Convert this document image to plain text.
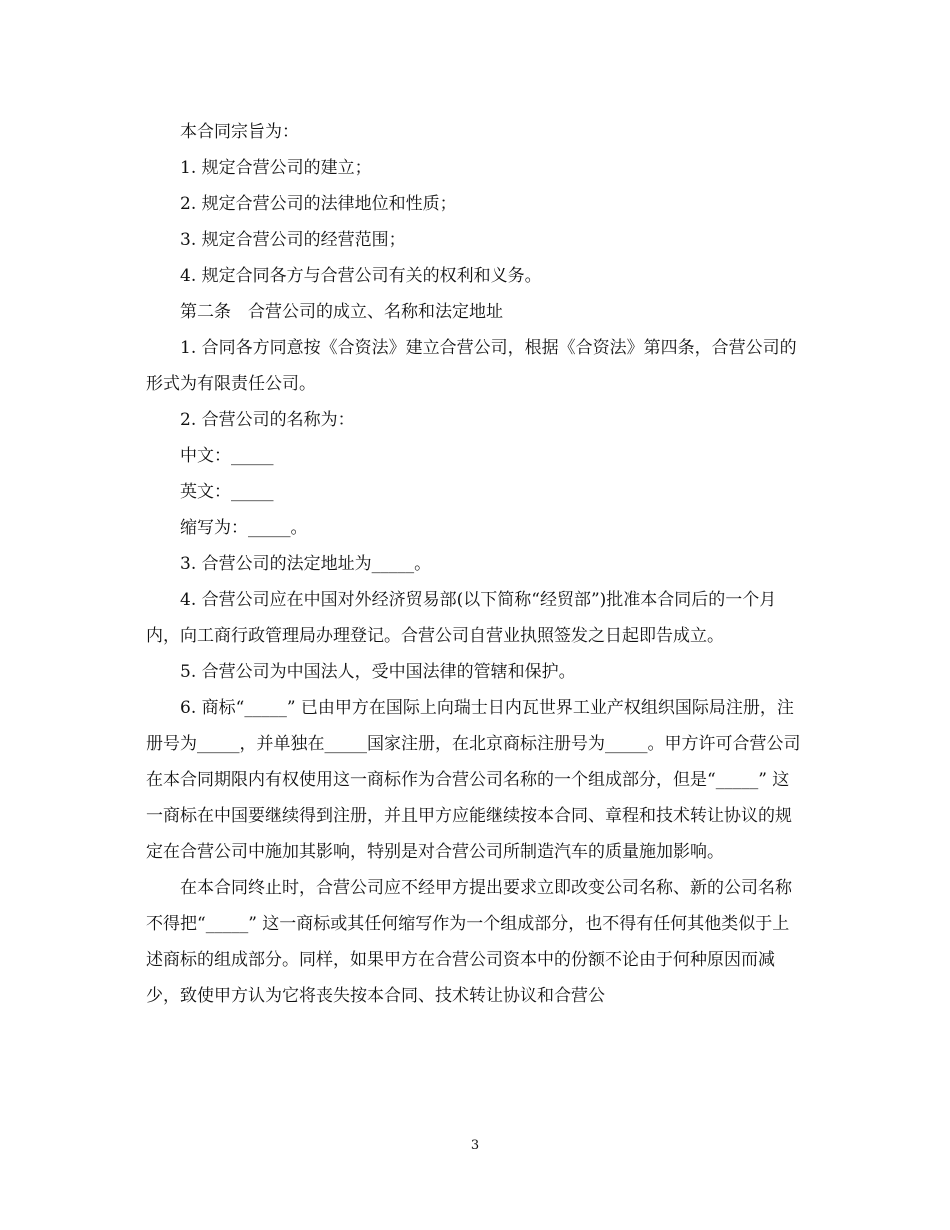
本合同宗旨为：

1. 规定合营公司的建立；

2. 规定合营公司的法律地位和性质；

3. 规定合营公司的经营范围；

4. 规定合同各方与合营公司有关的权利和义务。

第二条　合营公司的成立、名称和法定地址

1. 合同各方同意按《合资法》建立合营公司，根据《合资法》第四条，合营公司的形式为有限责任公司。

2. 合营公司的名称为：

中文：_____

英文：_____

缩写为：_____。

3. 合营公司的法定地址为_____。

4. 合营公司应在中国对外经济贸易部(以下简称“经贸部”)批准本合同后的一个月内，向工商行政管理局办理登记。合营公司自营业执照签发之日起即告成立。

5. 合营公司为中国法人，受中国法律的管辖和保护。

6. 商标“_____” 已由甲方在国际上向瑞士日内瓦世界工业产权组织国际局注册，注册号为_____，并单独在_____国家注册，在北京商标注册号为_____。甲方许可合营公司在本合同期限内有权使用这一商标作为合营公司名称的一个组成部分，但是“_____” 这一商标在中国要继续得到注册，并且甲方应能继续按本合同、章程和技术转让协议的规定在合营公司中施加其影响，特别是对合营公司所制造汽车的质量施加影响。

在本合同终止时，合营公司应不经甲方提出要求立即改变公司名称、新的公司名称不得把“_____” 这一商标或其任何缩写作为一个组成部分，也不得有任何其他类似于上述商标的组成部分。同样，如果甲方在合营公司资本中的份额不论由于何种原因而减少，致使甲方认为它将丧失按本合同、技术转让协议和合营公

3
